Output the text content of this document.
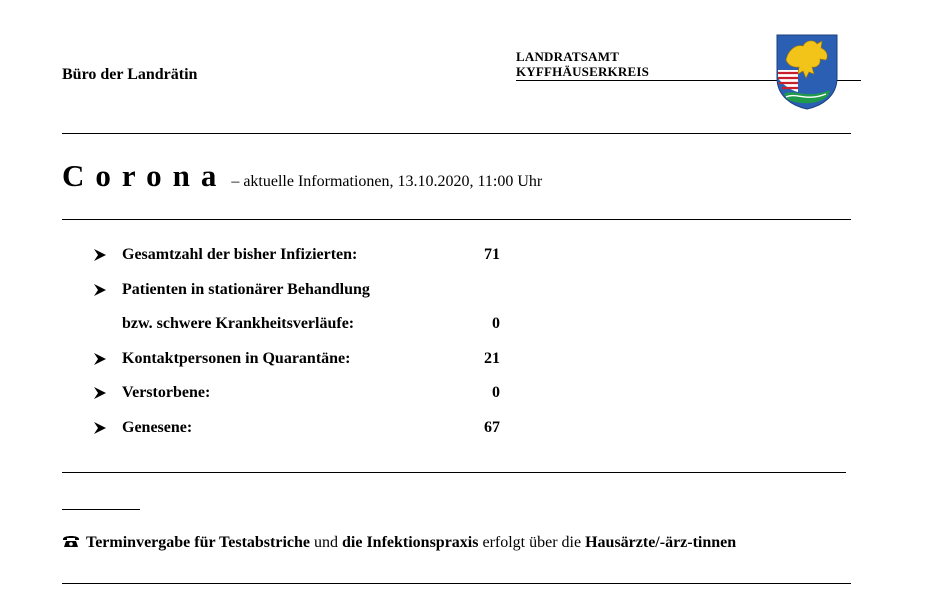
Büro der Landrätin
LANDRATSAMT
KYFFHÄUSERKREIS
Corona – aktuelle Informationen, 13.10.2020, 11:00 Uhr
Gesamtzahl der bisher Infizierten:	71
Patienten in stationärer Behandlung
bzw. schwere Krankheitsverläufe:	0
Kontaktpersonen in Quarantäne:	21
Verstorbene:	0
Genesene:	67
Terminvergabe für Testabstriche und die Infektionspraxis erfolgt über die Hausärzte/-ärz-tinnen
